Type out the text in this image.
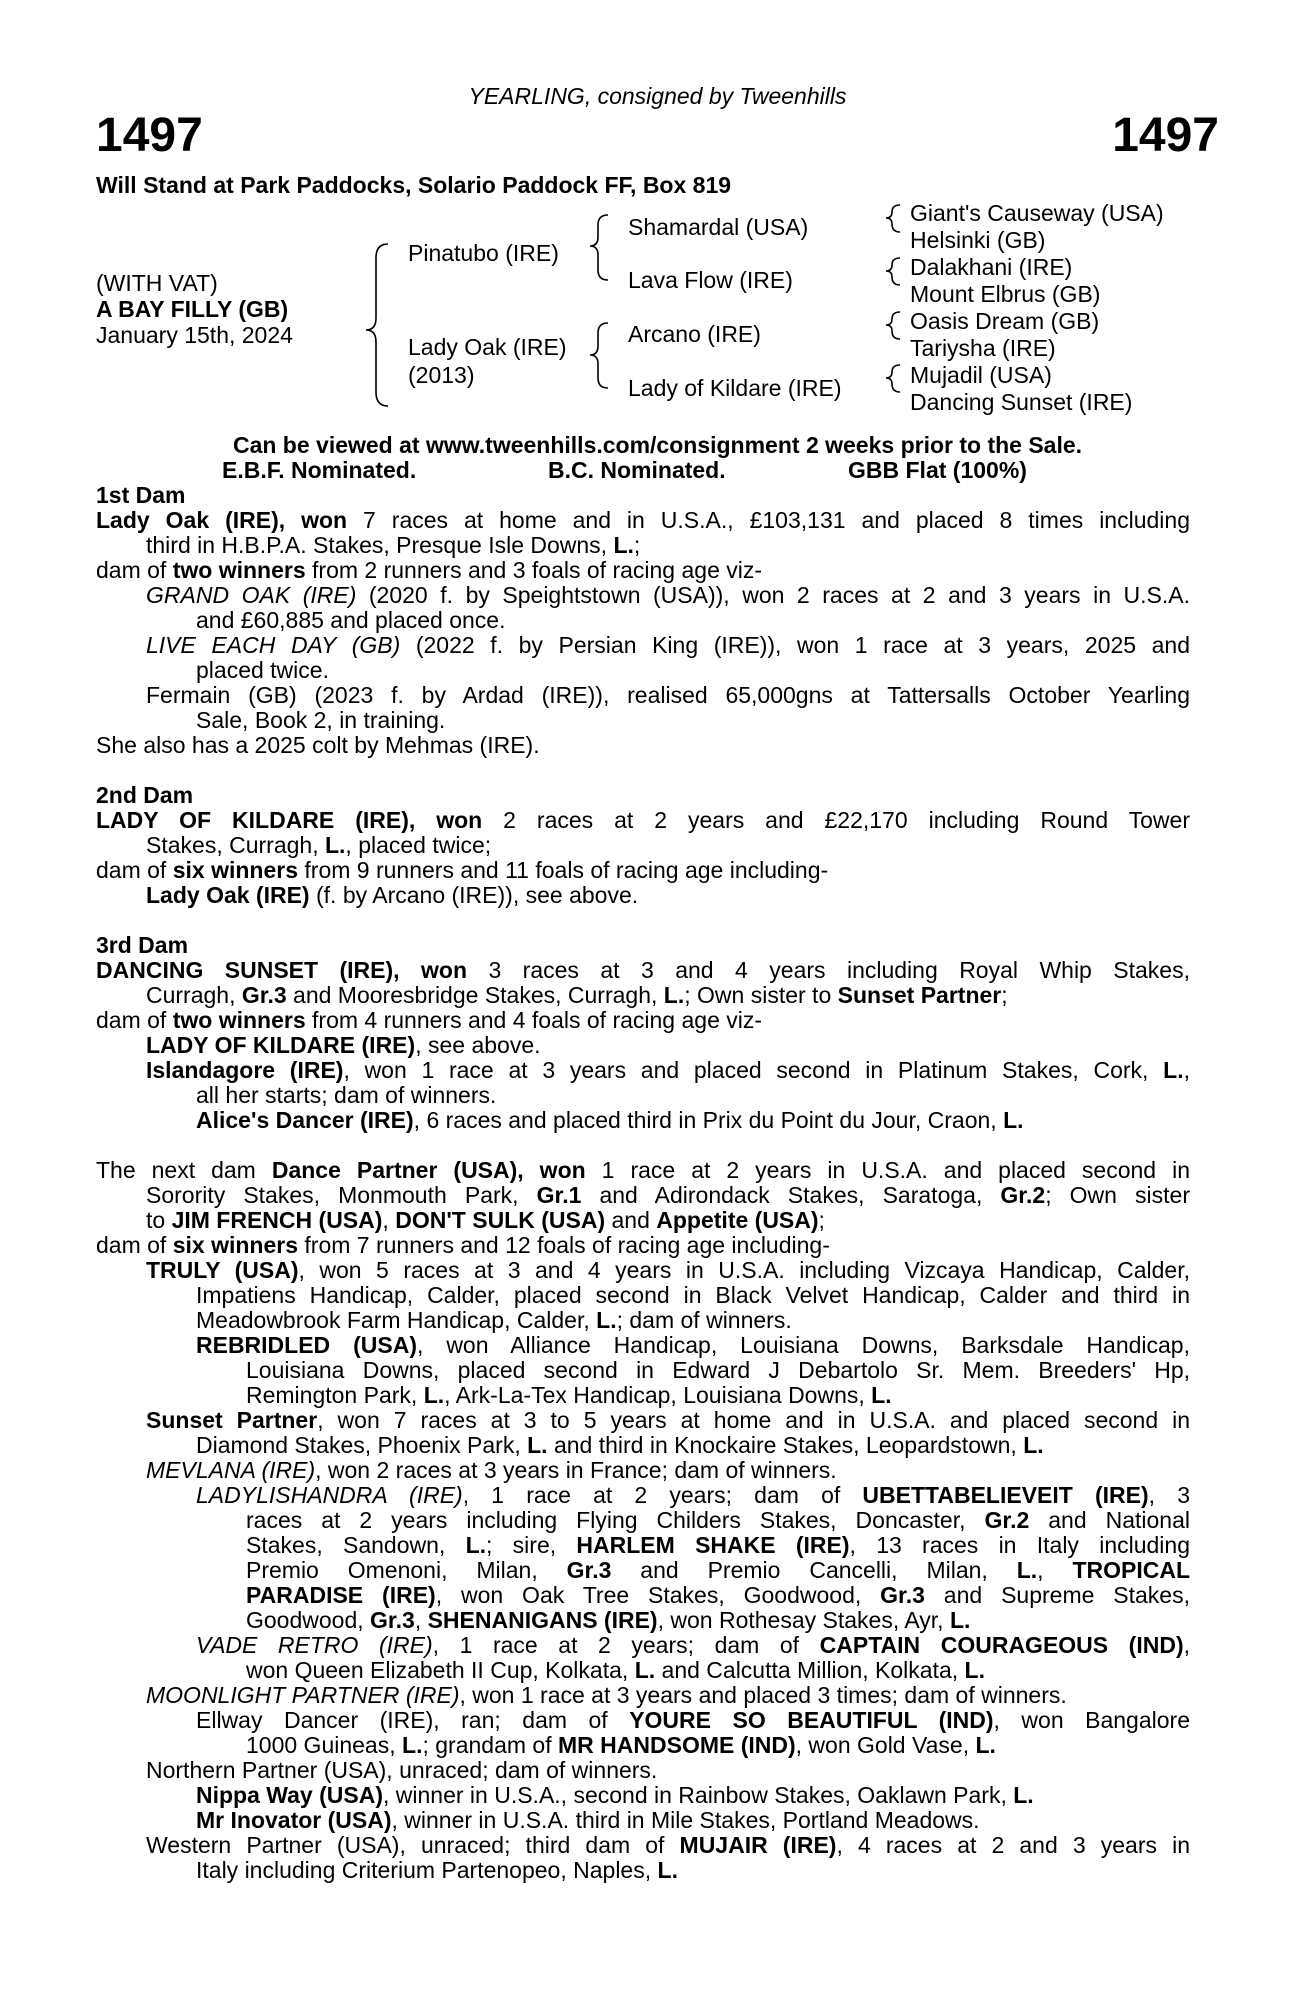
YEARLING, consigned by Tweenhills
1497	1497
Will Stand at Park Paddocks, Solario Paddock FF, Box 819
(WITH VAT)
A BAY FILLY (GB)
January 15th, 2024
Pinatubo (IRE)
Lady Oak (IRE)
(2013)
Shamardal (USA)
Lava Flow (IRE)
Arcano (IRE)
Lady of Kildare (IRE)
Giant's Causeway (USA)
Helsinki (GB)
Dalakhani (IRE)
Mount Elbrus (GB)
Oasis Dream (GB)
Tariysha (IRE)
Mujadil (USA)
Dancing Sunset (IRE)
Can be viewed at www.tweenhills.com/consignment 2 weeks prior to the Sale.
E.B.F. Nominated.	B.C. Nominated.	GBB Flat (100%)
1st Dam
Lady Oak (IRE), won 7 races at home and in U.S.A., £103,131 and placed 8 times including
third in H.B.P.A. Stakes, Presque Isle Downs, L.;
dam of two winners from 2 runners and 3 foals of racing age viz-
GRAND OAK (IRE) (2020 f. by Speightstown (USA)), won 2 races at 2 and 3 years in U.S.A.
and £60,885 and placed once.
LIVE EACH DAY (GB) (2022 f. by Persian King (IRE)), won 1 race at 3 years, 2025 and
placed twice.
Fermain (GB) (2023 f. by Ardad (IRE)), realised 65,000gns at Tattersalls October Yearling
Sale, Book 2, in training.
She also has a 2025 colt by Mehmas (IRE).
2nd Dam
LADY OF KILDARE (IRE), won 2 races at 2 years and £22,170 including Round Tower
Stakes, Curragh, L., placed twice;
dam of six winners from 9 runners and 11 foals of racing age including-
Lady Oak (IRE) (f. by Arcano (IRE)), see above.
3rd Dam
DANCING SUNSET (IRE), won 3 races at 3 and 4 years including Royal Whip Stakes,
Curragh, Gr.3 and Mooresbridge Stakes, Curragh, L.; Own sister to Sunset Partner;
dam of two winners from 4 runners and 4 foals of racing age viz-
LADY OF KILDARE (IRE), see above.
Islandagore (IRE), won 1 race at 3 years and placed second in Platinum Stakes, Cork, L.,
all her starts; dam of winners.
Alice's Dancer (IRE), 6 races and placed third in Prix du Point du Jour, Craon, L.
The next dam Dance Partner (USA), won 1 race at 2 years in U.S.A. and placed second in
Sorority Stakes, Monmouth Park, Gr.1 and Adirondack Stakes, Saratoga, Gr.2; Own sister
to JIM FRENCH (USA), DON'T SULK (USA) and Appetite (USA);
dam of six winners from 7 runners and 12 foals of racing age including-
TRULY (USA), won 5 races at 3 and 4 years in U.S.A. including Vizcaya Handicap, Calder,
Impatiens Handicap, Calder, placed second in Black Velvet Handicap, Calder and third in
Meadowbrook Farm Handicap, Calder, L.; dam of winners.
REBRIDLED (USA), won Alliance Handicap, Louisiana Downs, Barksdale Handicap,
Louisiana Downs, placed second in Edward J Debartolo Sr. Mem. Breeders' Hp,
Remington Park, L., Ark-La-Tex Handicap, Louisiana Downs, L.
Sunset Partner, won 7 races at 3 to 5 years at home and in U.S.A. and placed second in
Diamond Stakes, Phoenix Park, L. and third in Knockaire Stakes, Leopardstown, L.
MEVLANA (IRE), won 2 races at 3 years in France; dam of winners.
LADYLISHANDRA (IRE), 1 race at 2 years; dam of UBETTABELIEVEIT (IRE), 3
races at 2 years including Flying Childers Stakes, Doncaster, Gr.2 and National
Stakes, Sandown, L.; sire, HARLEM SHAKE (IRE), 13 races in Italy including
Premio Omenoni, Milan, Gr.3 and Premio Cancelli, Milan, L., TROPICAL
PARADISE (IRE), won Oak Tree Stakes, Goodwood, Gr.3 and Supreme Stakes,
Goodwood, Gr.3, SHENANIGANS (IRE), won Rothesay Stakes, Ayr, L.
VADE RETRO (IRE), 1 race at 2 years; dam of CAPTAIN COURAGEOUS (IND),
won Queen Elizabeth II Cup, Kolkata, L. and Calcutta Million, Kolkata, L.
MOONLIGHT PARTNER (IRE), won 1 race at 3 years and placed 3 times; dam of winners.
Ellway Dancer (IRE), ran; dam of YOURE SO BEAUTIFUL (IND), won Bangalore
1000 Guineas, L.; grandam of MR HANDSOME (IND), won Gold Vase, L.
Northern Partner (USA), unraced; dam of winners.
Nippa Way (USA), winner in U.S.A., second in Rainbow Stakes, Oaklawn Park, L.
Mr Inovator (USA), winner in U.S.A. third in Mile Stakes, Portland Meadows.
Western Partner (USA), unraced; third dam of MUJAIR (IRE), 4 races at 2 and 3 years in
Italy including Criterium Partenopeo, Naples, L.
